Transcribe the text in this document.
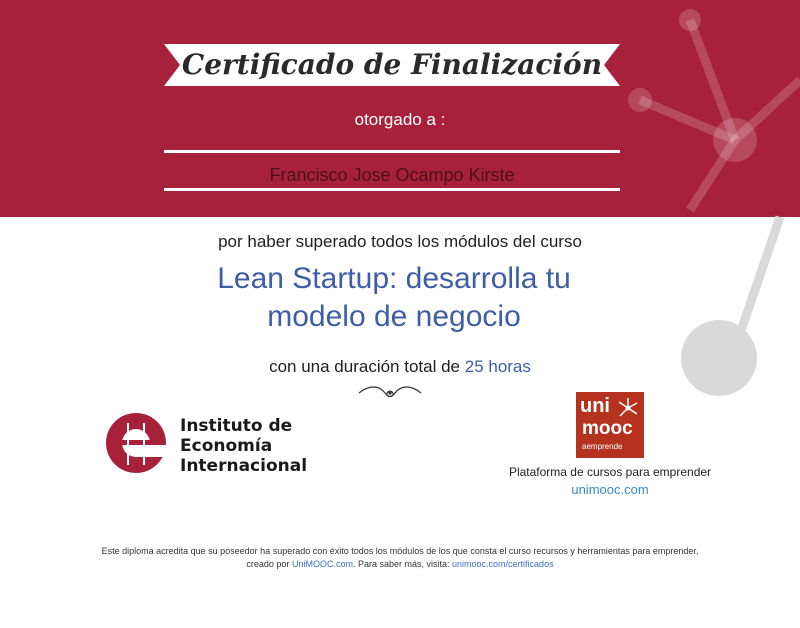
Certificado de Finalización
otorgado a :
Francisco Jose Ocampo Kirste
por haber superado todos los módulos del curso
Lean Startup: desarrolla tu
modelo de negocio
con una duración total de 25 horas
Instituto de
Economía
Internacional
uni
mooc
aemprende
Plataforma de cursos para emprender
unimooc.com
Este diploma acredita que su poseedor ha superado con éxito todos los módulos de los que consta el curso recursos y herramientas para emprender,
creado por UniMOOC.com. Para saber más, visita: unimooc.com/certificados
